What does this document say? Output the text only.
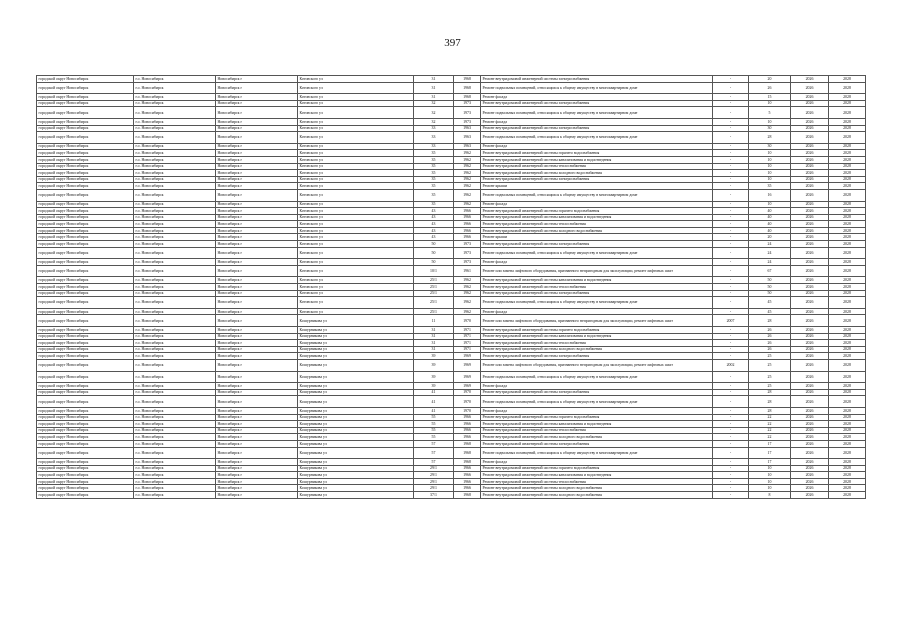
397
городской округ Новосибирск	г.о. Новосибирск	Новосибирск г	Котовского ул	31	1968	Ремонт внутридомовой инженерной системы электроснабжения	-	20	2026	2028
городской округ Новосибирск	г.о. Новосибирск	Новосибирск г	Котовского ул	31	1968	Ремонт подвальных помещений, относящихся к общему имуществу в многоквартирном доме	-	26	2026	2028
городской округ Новосибирск	г.о. Новосибирск	Новосибирск г	Котовского ул	31	1968	Ремонт фасада	-	15	2026	2028
городской округ Новосибирск	г.о. Новосибирск	Новосибирск г	Котовского ул	32	1973	Ремонт внутридомовой инженерной системы электроснабжения	-	10	2026	2028
городской округ Новосибирск	г.о. Новосибирск	Новосибирск г	Котовского ул	32	1973	Ремонт подвальных помещений, относящихся к общему имуществу в многоквартирном доме	-	5	2026	2028
городской округ Новосибирск	г.о. Новосибирск	Новосибирск г	Котовского ул	32	1973	Ремонт фасада	-	10	2026	2028
городской округ Новосибирск	г.о. Новосибирск	Новосибирск г	Котовского ул	33	1963	Ремонт внутридомовой инженерной системы электроснабжения	-	30	2026	2028
городской округ Новосибирск	г.о. Новосибирск	Новосибирск г	Котовского ул	33	1963	Ремонт подвальных помещений, относящихся к общему имуществу в многоквартирном доме	-	28	2026	2028
городской округ Новосибирск	г.о. Новосибирск	Новосибирск г	Котовского ул	33	1963	Ремонт фасада	-	30	2026	2028
городской округ Новосибирск	г.о. Новосибирск	Новосибирск г	Котовского ул	35	1962	Ремонт внутридомовой инженерной системы горячего водоснабжения	-	10	2026	2028
городской округ Новосибирск	г.о. Новосибирск	Новосибирск г	Котовского ул	35	1962	Ремонт внутридомовой инженерной системы канализования и водоотведения	-	10	2026	2028
городской округ Новосибирск	г.о. Новосибирск	Новосибирск г	Котовского ул	35	1962	Ремонт внутридомовой инженерной системы теплоснабжения	-	10	2026	2028
городской округ Новосибирск	г.о. Новосибирск	Новосибирск г	Котовского ул	35	1962	Ремонт внутридомовой инженерной системы холодного водоснабжения	-	10	2026	2028
городской округ Новосибирск	г.о. Новосибирск	Новосибирск г	Котовского ул	35	1962	Ремонт внутридомовой инженерной системы электроснабжения	-	10	2026	2028
городской округ Новосибирск	г.о. Новосибирск	Новосибирск г	Котовского ул	35	1962	Ремонт крыши	-	35	2026	2028
городской округ Новосибирск	г.о. Новосибирск	Новосибирск г	Котовского ул	35	1962	Ремонт подвальных помещений, относящихся к общему имуществу в многоквартирном доме	-	16	2026	2028
городской округ Новосибирск	г.о. Новосибирск	Новосибирск г	Котовского ул	35	1962	Ремонт фасада	-	10	2026	2028
городской округ Новосибирск	г.о. Новосибирск	Новосибирск г	Котовского ул	43	1966	Ремонт внутридомовой инженерной системы горячего водоснабжения	-	40	2026	2028
городской округ Новосибирск	г.о. Новосибирск	Новосибирск г	Котовского ул	43	1966	Ремонт внутридомовой инженерной системы канализования и водоотведения	-	40	2026	2028
городской округ Новосибирск	г.о. Новосибирск	Новосибирск г	Котовского ул	43	1966	Ремонт внутридомовой инженерной системы теплоснабжения	-	40	2026	2028
городской округ Новосибирск	г.о. Новосибирск	Новосибирск г	Котовского ул	43	1966	Ремонт внутридомовой инженерной системы холодного водоснабжения	-	40	2026	2028
городской округ Новосибирск	г.о. Новосибирск	Новосибирск г	Котовского ул	43	1966	Ремонт крыши	-	20	2026	2028
городской округ Новосибирск	г.о. Новосибирск	Новосибирск г	Котовского ул	50	1973	Ремонт внутридомовой инженерной системы электроснабжения	-	24	2026	2028
городской округ Новосибирск	г.о. Новосибирск	Новосибирск г	Котовского ул	50	1973	Ремонт подвальных помещений, относящихся к общему имуществу в многоквартирном доме	-	24	2026	2028
городской округ Новосибирск	г.о. Новосибирск	Новосибирск г	Котовского ул	50	1973	Ремонт фасада	-	24	2026	2028
городской округ Новосибирск	г.о. Новосибирск	Новосибирск г	Котовского ул	10/1	1961	Ремонт или замена лифтового оборудования, признанного непригодным для эксплуатации, ремонт лифтовых шахт	-	67	2026	2028
городской округ Новосибирск	г.о. Новосибирск	Новосибирск г	Котовского ул	25/1	1962	Ремонт внутридомовой инженерной системы канализования и водоотведения	-	50	2026	2028
городской округ Новосибирск	г.о. Новосибирск	Новосибирск г	Котовского ул	25/1	1962	Ремонт внутридомовой инженерной системы теплоснабжения	-	50	2026	2028
городской округ Новосибирск	г.о. Новосибирск	Новосибирск г	Котовского ул	25/1	1962	Ремонт внутридомовой инженерной системы электроснабжения	-	50	2026	2028
городской округ Новосибирск	г.о. Новосибирск	Новосибирск г	Котовского ул	25/1	1962	Ремонт подвальных помещений, относящихся к общему имуществу в многоквартирном доме	-	45	2026	2028
городской округ Новосибирск	г.о. Новосибирск	Новосибирск г	Котовского ул	25/1	1962	Ремонт фасада	-	45	2026	2028
городской округ Новосибирск	г.о. Новосибирск	Новосибирск г	Кошурникова ул	11	1970	Ремонт или замена лифтового оборудования, признанного непригодным для эксплуатации, ремонт лифтовых шахт	2007	28	2026	2028
городской округ Новосибирск	г.о. Новосибирск	Новосибирск г	Кошурникова ул	31	1971	Ремонт внутридомовой инженерной системы горячего водоснабжения	-	26	2026	2028
городской округ Новосибирск	г.о. Новосибирск	Новосибирск г	Кошурникова ул	31	1971	Ремонт внутридомовой инженерной системы канализования и водоотведения	-	26	2026	2028
городской округ Новосибирск	г.о. Новосибирск	Новосибирск г	Кошурникова ул	31	1971	Ремонт внутридомовой инженерной системы теплоснабжения	-	26	2026	2028
городской округ Новосибирск	г.о. Новосибирск	Новосибирск г	Кошурникова ул	31	1971	Ремонт внутридомовой инженерной системы холодного водоснабжения	-	26	2026	2028
городской округ Новосибирск	г.о. Новосибирск	Новосибирск г	Кошурникова ул	39	1969	Ремонт внутридомовой инженерной системы электроснабжения	-	25	2026	2028
городской округ Новосибирск	г.о. Новосибирск	Новосибирск г	Кошурникова ул	39	1969	Ремонт или замена лифтового оборудования, признанного непригодным для эксплуатации, ремонт лифтовых шахт	2002	25	2026	2028
городской округ Новосибирск	г.о. Новосибирск	Новосибирск г	Кошурникова ул	39	1969	Ремонт подвальных помещений, относящихся к общему имуществу в многоквартирном доме	-	25	2026	2028
городской округ Новосибирск	г.о. Новосибирск	Новосибирск г	Кошурникова ул	39	1969	Ремонт фасада	-	25	2026	2028
городской округ Новосибирск	г.о. Новосибирск	Новосибирск г	Кошурникова ул	41	1970	Ремонт внутридомовой инженерной системы электроснабжения	-	28	2026	2028
городской округ Новосибирск	г.о. Новосибирск	Новосибирск г	Кошурникова ул	41	1970	Ремонт подвальных помещений, относящихся к общему имуществу в многоквартирном доме	-	28	2026	2028
городской округ Новосибирск	г.о. Новосибирск	Новосибирск г	Кошурникова ул	41	1970	Ремонт фасада	-	28	2026	2028
городской округ Новосибирск	г.о. Новосибирск	Новосибирск г	Кошурникова ул	55	1966	Ремонт внутридомовой инженерной системы горячего водоснабжения	-	22	2026	2028
городской округ Новосибирск	г.о. Новосибирск	Новосибирск г	Кошурникова ул	55	1966	Ремонт внутридомовой инженерной системы канализования и водоотведения	-	22	2026	2028
городской округ Новосибирск	г.о. Новосибирск	Новосибирск г	Кошурникова ул	55	1966	Ремонт внутридомовой инженерной системы теплоснабжения	-	22	2026	2028
городской округ Новосибирск	г.о. Новосибирск	Новосибирск г	Кошурникова ул	55	1966	Ремонт внутридомовой инженерной системы холодного водоснабжения	-	22	2026	2028
городской округ Новосибирск	г.о. Новосибирск	Новосибирск г	Кошурникова ул	57	1968	Ремонт внутридомовой инженерной системы электроснабжения	-	17	2026	2028
городской округ Новосибирск	г.о. Новосибирск	Новосибирск г	Кошурникова ул	57	1968	Ремонт подвальных помещений, относящихся к общему имуществу в многоквартирном доме	-	17	2026	2028
городской округ Новосибирск	г.о. Новосибирск	Новосибирск г	Кошурникова ул	57	1968	Ремонт фасада	-	17	2026	2028
городской округ Новосибирск	г.о. Новосибирск	Новосибирск г	Кошурникова ул	29/1	1966	Ремонт внутридомовой инженерной системы горячего водоснабжения	-	10	2026	2028
городской округ Новосибирск	г.о. Новосибирск	Новосибирск г	Кошурникова ул	29/1	1966	Ремонт внутридомовой инженерной системы канализования и водоотведения	-	10	2026	2028
городской округ Новосибирск	г.о. Новосибирск	Новосибирск г	Кошурникова ул	29/1	1966	Ремонт внутридомовой инженерной системы теплоснабжения	-	10	2026	2028
городской округ Новосибирск	г.о. Новосибирск	Новосибирск г	Кошурникова ул	29/1	1966	Ремонт внутридомовой инженерной системы холодного водоснабжения	-	10	2026	2028
городской округ Новосибирск	г.о. Новосибирск	Новосибирск г	Кошурникова ул	37/1	1968	Ремонт внутридомовой инженерной системы холодного водоснабжения	-	8	2026	2028
